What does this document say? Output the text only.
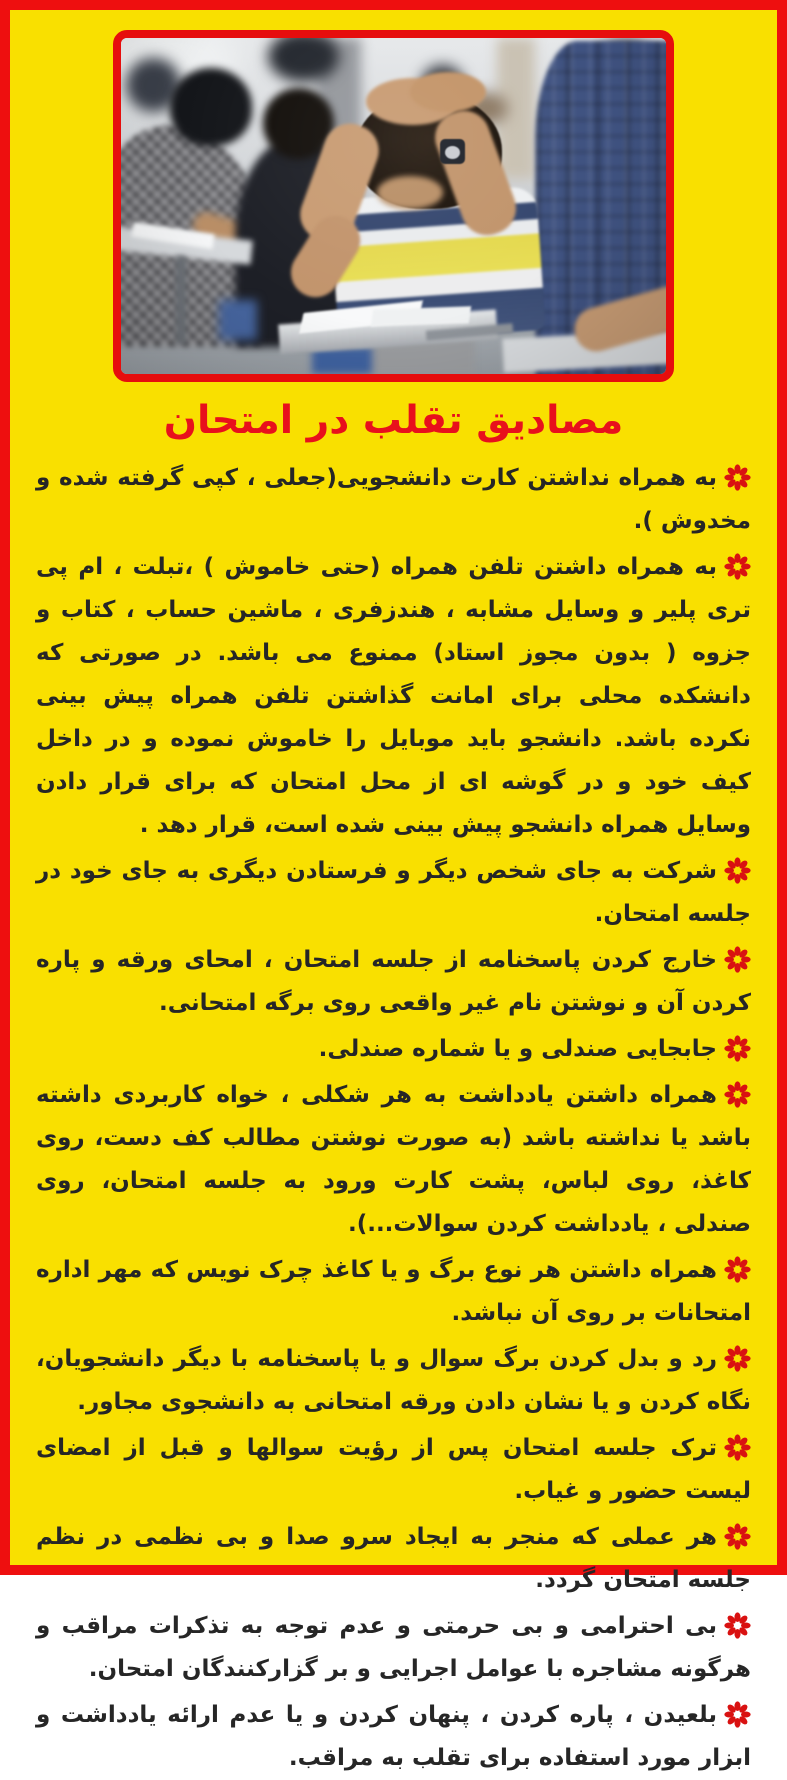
مصادیق تقلب در امتحان
به همراه نداشتن کارت دانشجویی(جعلی ، کپی گرفته شده و مخدوش ).
به همراه داشتن تلفن همراه (حتی خاموش ) ،تبلت ، ام پی تری پلیر و وسایل مشابه ، هندزفری ، ماشین حساب ، کتاب و جزوه ( بدون مجوز استاد) ممنوع می باشد. در صورتی که دانشکده محلی برای امانت گذاشتن تلفن همراه پیش بینی نکرده باشد. دانشجو باید موبایل را خاموش نموده و در داخل کیف خود و در گوشه ای از محل امتحان که برای قرار دادن وسایل همراه دانشجو پیش بینی شده است، قرار دهد .
شرکت به جای شخص دیگر و فرستادن دیگری به جای خود در جلسه امتحان.
خارج کردن پاسخنامه از جلسه امتحان ، امحای ورقه و پاره کردن آن و نوشتن نام غیر واقعی روی برگه امتحانی.
جابجایی صندلی و یا شماره صندلی.
همراه داشتن یادداشت به هر شکلی ، خواه کاربردی داشته باشد یا نداشته باشد (به صورت نوشتن مطالب کف دست، روی کاغذ، روی لباس، پشت کارت ورود به جلسه امتحان، روی صندلی ، یادداشت کردن سوالات...).
همراه داشتن هر نوع برگ و یا کاغذ چرک نویس که مهر اداره امتحانات بر روی آن نباشد.
رد و بدل کردن برگ سوال و یا پاسخنامه با دیگر دانشجویان، نگاه کردن و یا نشان دادن ورقه امتحانی به دانشجوی مجاور.
ترک جلسه امتحان پس از رؤیت سوالها و قبل از امضای لیست حضور و غیاب.
هر عملی که منجر به ایجاد سرو صدا و بی نظمی در نظم جلسه امتحان گردد.
بی احترامی و بی حرمتی و عدم توجه به تذکرات مراقب و هرگونه مشاجره با عوامل اجرایی و بر گزارکنندگان امتحان.
بلعیدن ، پاره کردن ، پنهان کردن و یا عدم ارائه یادداشت و ابزار مورد استفاده برای تقلب به مراقب.
